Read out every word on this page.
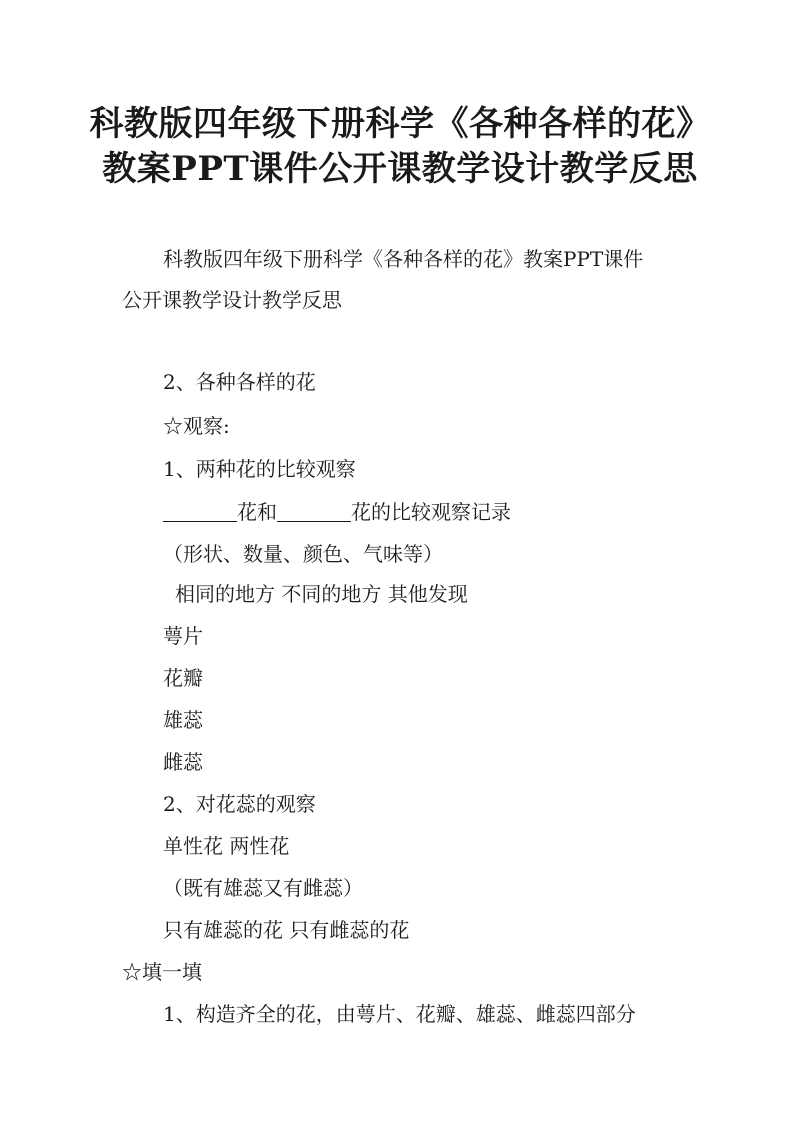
科教版四年级下册科学《各种各样的花》
教案PPT课件公开课教学设计教学反思
科教版四年级下册科学《各种各样的花》教案PPT课件
公开课教学设计教学反思
2、各种各样的花
☆观察:
1、两种花的比较观察
花和	花的比较观察记录
（形状、数量、颜色、气味等）
相同的地方 不同的地方 其他发现
萼片
花瓣
雄蕊
雌蕊
2、对花蕊的观察
单性花 两性花
（既有雄蕊又有雌蕊）
只有雄蕊的花 只有雌蕊的花
☆填一填
1、构造齐全的花，由萼片、花瓣、雄蕊、雌蕊四部分
